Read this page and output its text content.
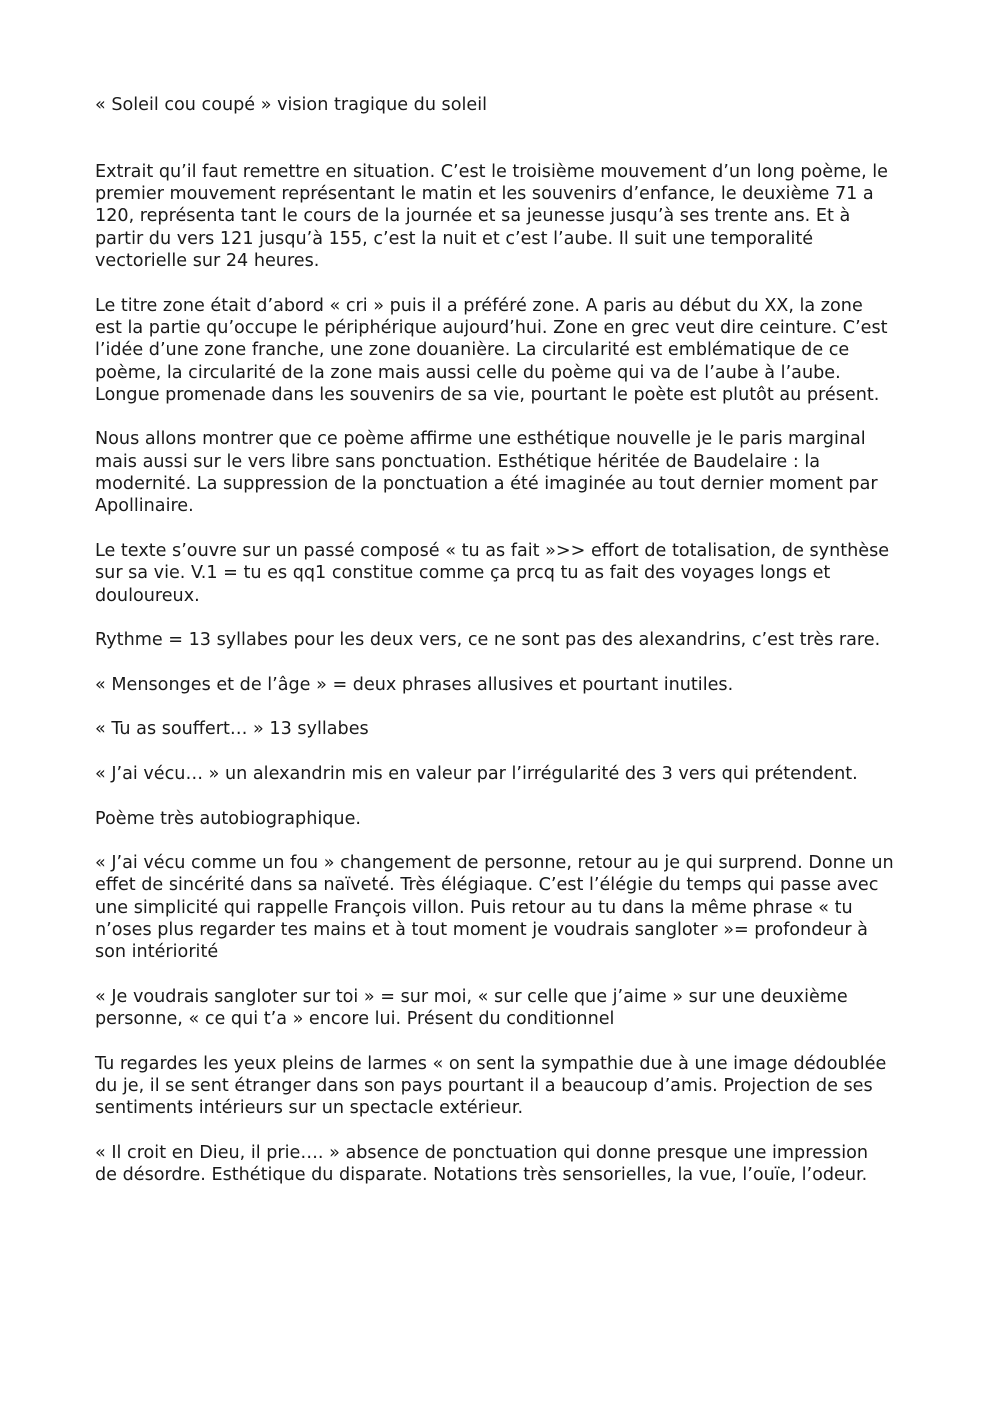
« Soleil cou coupé » vision tragique du soleil

Extrait qu’il faut remettre en situation. C’est le troisième mouvement d’un long poème, le premier mouvement représentant le matin et les souvenirs d’enfance, le deuxième 71 a 120, représenta tant le cours de la journée et sa jeunesse jusqu’à ses trente ans. Et à partir du vers 121 jusqu’à 155, c’est la nuit et c’est l’aube. Il suit une temporalité vectorielle sur 24 heures.

Le titre zone était d’abord « cri » puis il a préféré zone. A paris au début du XX, la zone est la partie qu’occupe le périphérique aujourd’hui. Zone en grec veut dire ceinture. C’est l’idée d’une zone franche, une zone douanière. La circularité est emblématique de ce poème, la circularité de la zone mais aussi celle du poème qui va de l’aube à l’aube. Longue promenade dans les souvenirs de sa vie, pourtant le poète est plutôt au présent.

Nous allons montrer que ce poème affirme une esthétique nouvelle je le paris marginal mais aussi sur le vers libre sans ponctuation. Esthétique héritée de Baudelaire : la modernité. La suppression de la ponctuation a été imaginée au tout dernier moment par Apollinaire.

Le texte s’ouvre sur un passé composé « tu as fait »>> effort de totalisation, de synthèse sur sa vie. V.1 = tu es qq1 constitue comme ça prcq tu as fait des voyages longs et douloureux.

Rythme = 13 syllabes pour les deux vers, ce ne sont pas des alexandrins, c’est très rare.

« Mensonges et de l’âge » = deux phrases allusives et pourtant inutiles.

« Tu as souffert… » 13 syllabes

« J’ai vécu… » un alexandrin mis en valeur par l’irrégularité des 3 vers qui prétendent.

Poème très autobiographique.

« J’ai vécu comme un fou » changement de personne, retour au je qui surprend. Donne un effet de sincérité dans sa naïveté. Très élégiaque. C’est l’élégie du temps qui passe avec une simplicité qui rappelle François villon. Puis retour au tu dans la même phrase « tu n’oses plus regarder tes mains et à tout moment je voudrais sangloter »= profondeur à son intériorité

« Je voudrais sangloter sur toi » = sur moi, « sur celle que j’aime » sur une deuxième personne, « ce qui t’a » encore lui. Présent du conditionnel

Tu regardes les yeux pleins de larmes « on sent la sympathie due à une image dédoublée du je, il se sent étranger dans son pays pourtant il a beaucoup d’amis. Projection de ses sentiments intérieurs sur un spectacle extérieur.

« Il croit en Dieu, il prie…. » absence de ponctuation qui donne presque une impression de désordre. Esthétique du disparate. Notations très sensorielles, la vue, l’ouïe, l’odeur.
